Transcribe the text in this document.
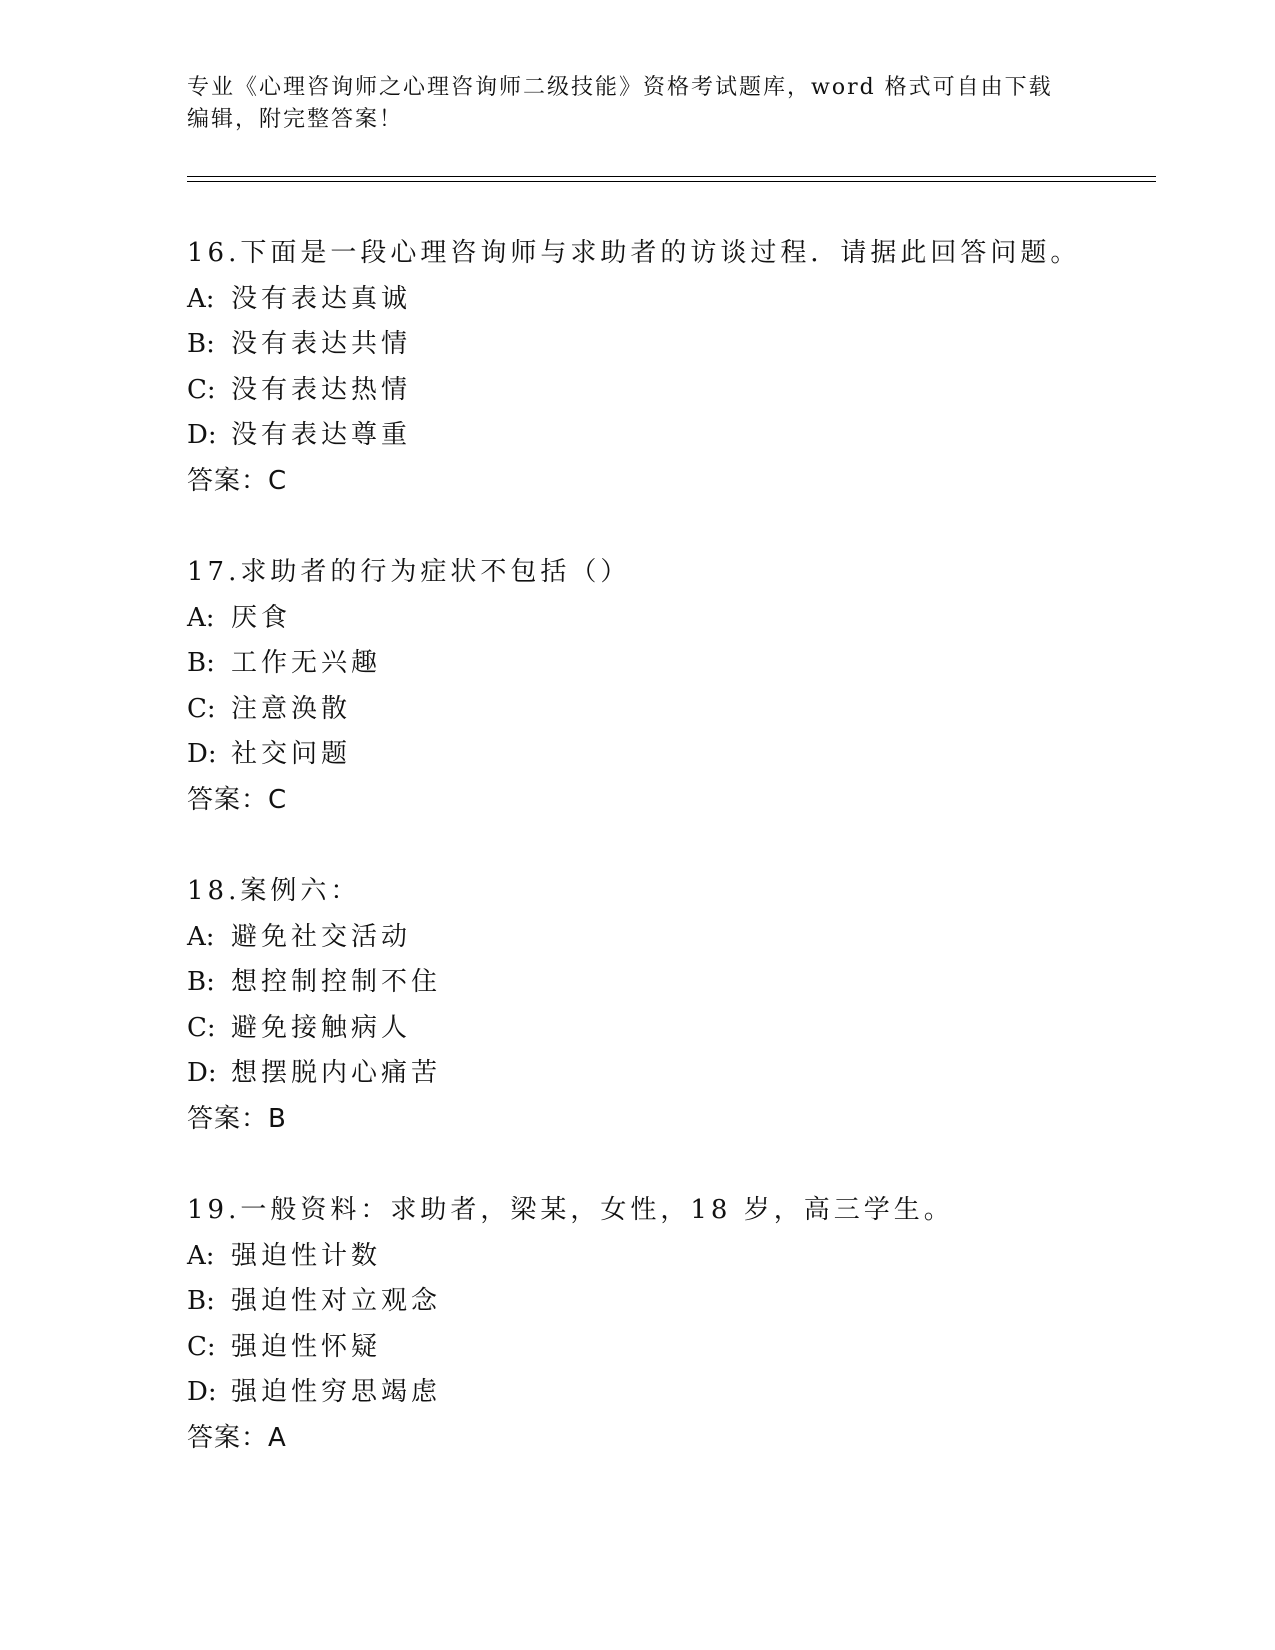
专业《心理咨询师之心理咨询师二级技能》资格考试题库，word 格式可自由下载
编辑，附完整答案！
16.下面是一段心理咨询师与求助者的访谈过程．请据此回答问题。
A: 没有表达真诚
B: 没有表达共情
C: 没有表达热情
D: 没有表达尊重
答案：C
17.求助者的行为症状不包括（）
A: 厌食
B: 工作无兴趣
C: 注意涣散
D: 社交问题
答案：C
18.案例六：
A: 避免社交活动
B: 想控制控制不住
C: 避免接触病人
D: 想摆脱内心痛苦
答案：B
19.一般资料：求助者，梁某，女性，18 岁，高三学生。
A: 强迫性计数
B: 强迫性对立观念
C: 强迫性怀疑
D: 强迫性穷思竭虑
答案：A
